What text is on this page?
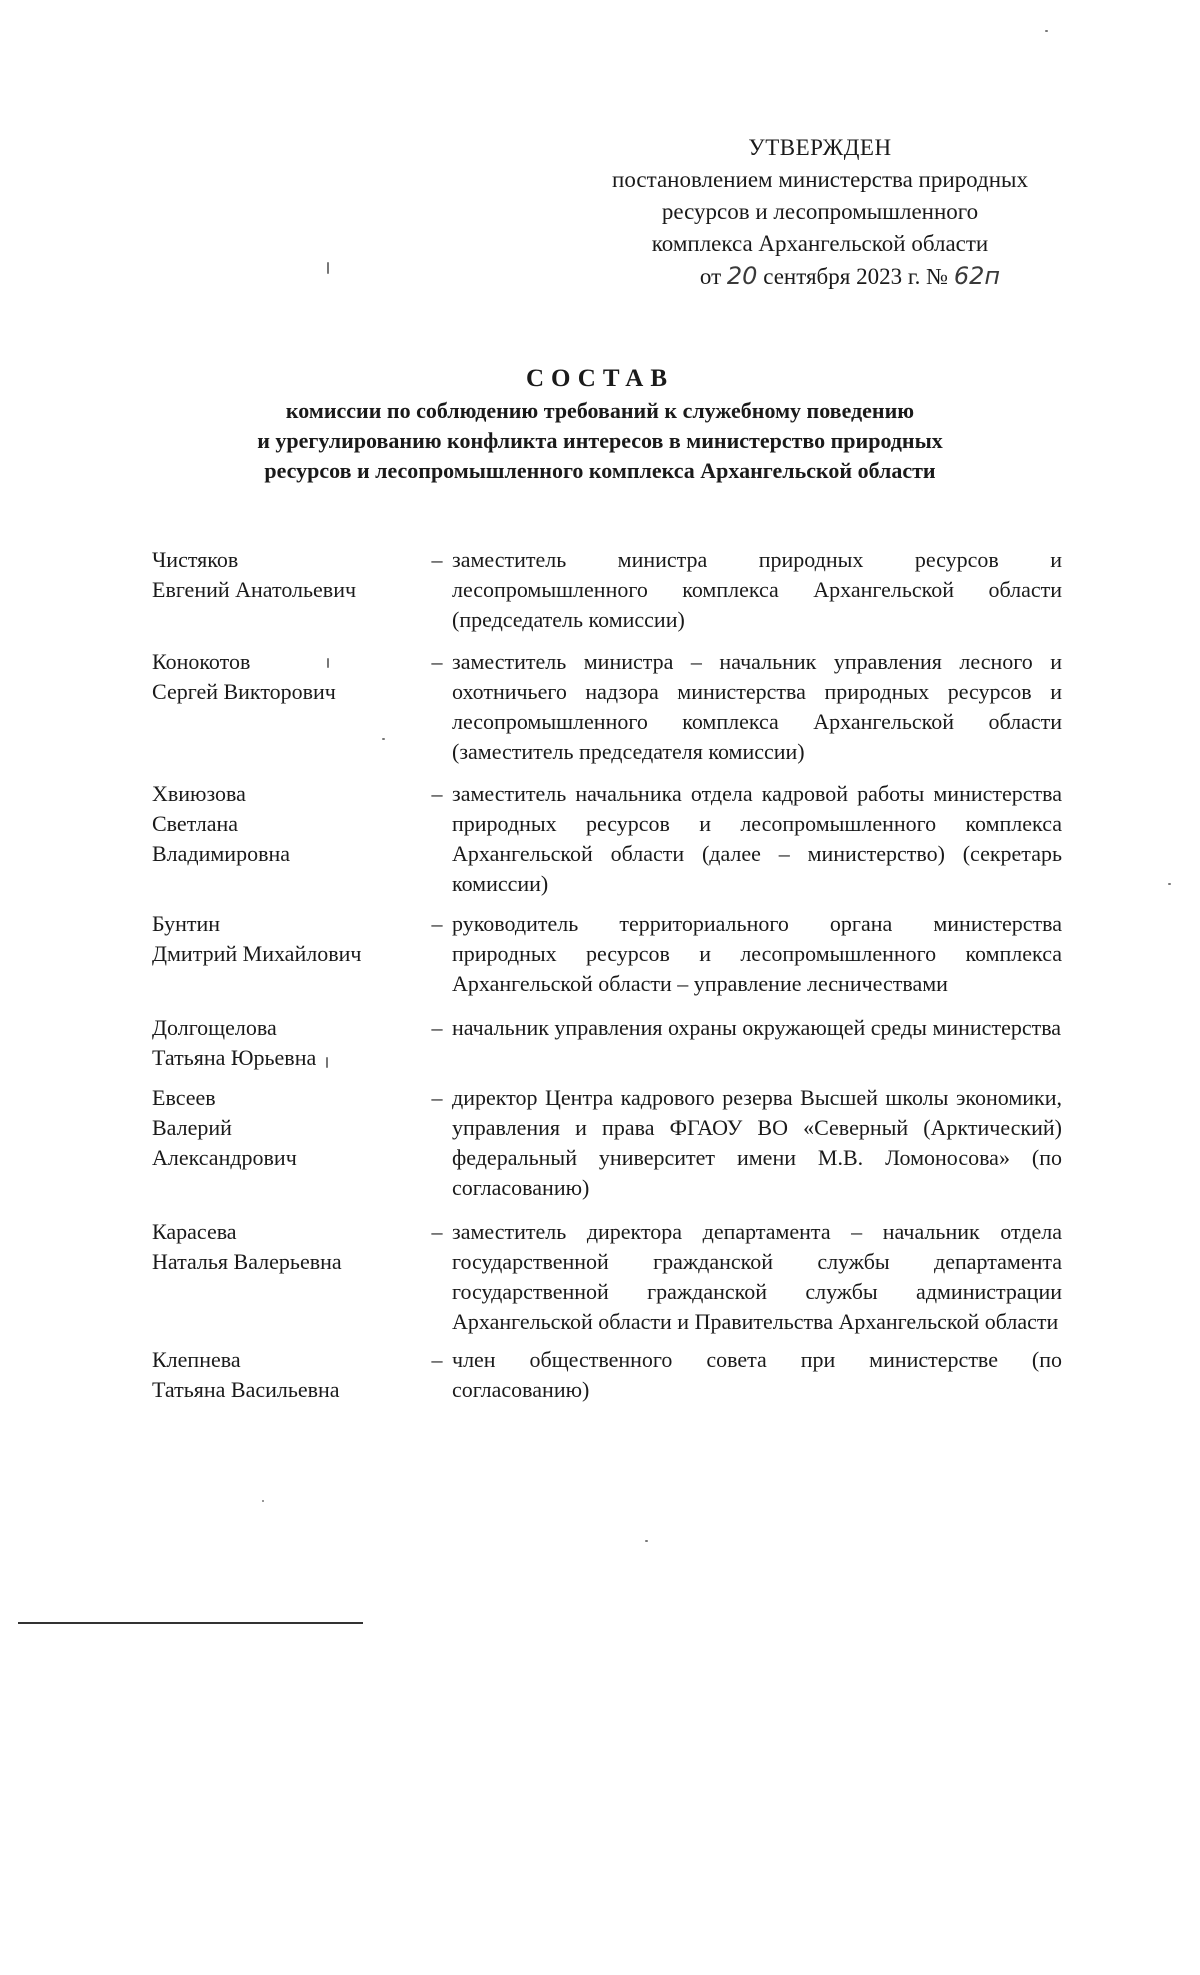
УТВЕРЖДЕН
постановлением министерства природных
ресурсов и лесопромышленного
комплекса Архангельской области
от 20 сентября 2023 г. № 62п
СОСТАВ
комиссии по соблюдению требований к служебному поведению
и урегулированию конфликта интересов в министерство природных
ресурсов и лесопромышленного комплекса Архангельской области
Чистяков
Евгений Анатольевич
– заместитель министра природных ресурсов и лесопромышленного комплекса Архангельской области (председатель комиссии)
Конокотов
Сергей Викторович
– заместитель министра – начальник управления лесного и охотничьего надзора министерства природных ресурсов и лесопромышленного комплекса Архангельской области (заместитель председателя комиссии)
Хвиюзова
Светлана
Владимировна
– заместитель начальника отдела кадровой работы министерства природных ресурсов и лесопромышленного комплекса Архангельской области (далее – министерство) (секретарь комиссии)
Бунтин
Дмитрий Михайлович
– руководитель территориального органа министерства природных ресурсов и лесопромышленного комплекса Архангельской области – управление лесничествами
Долгощелова
Татьяна Юрьевна
– начальник управления охраны окружающей среды министерства
Евсеев
Валерий
Александрович
– директор Центра кадрового резерва Высшей школы экономики, управления и права ФГАОУ ВО «Северный (Арктический) федеральный университет имени М.В. Ломоносова» (по согласованию)
Карасева
Наталья Валерьевна
– заместитель директора департамента – начальник отдела государственной гражданской службы департамента государственной гражданской службы администрации Архангельской области и Правительства Архангельской области
Клепнева
Татьяна Васильевна
– член общественного совета при министерстве (по согласованию)
